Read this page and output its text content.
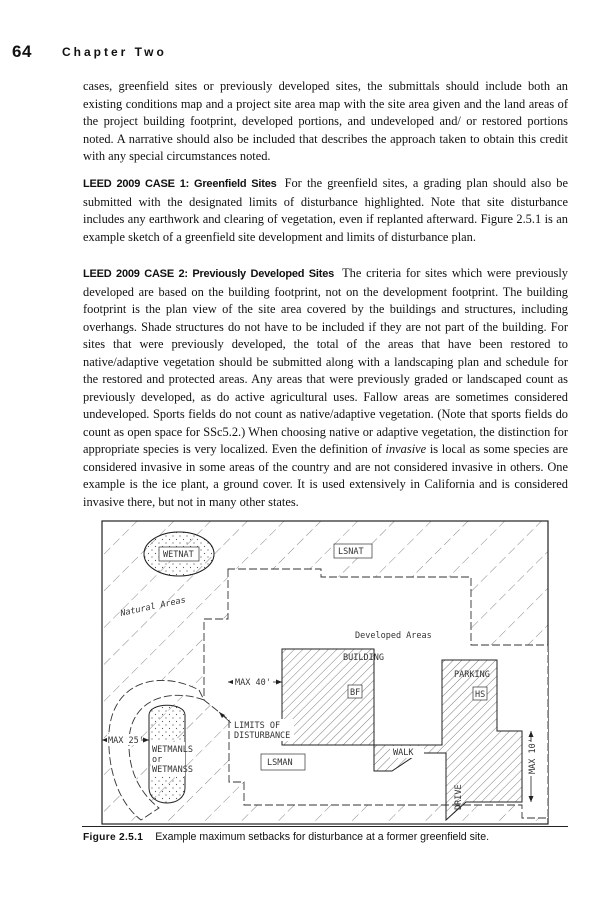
64	Chapter Two

cases, greenfield sites or previously developed sites, the submittals should include both an existing conditions map and a project site area map with the site area given and the land areas of the project building footprint, developed portions, and undeveloped and/ or restored portions noted. A narrative should also be included that describes the approach taken to obtain this credit with any special circumstances noted.

LEED 2009 CASE 1: Greenfield Sites For the greenfield sites, a grading plan should also be submitted with the designated limits of disturbance highlighted. Note that site disturbance includes any earthwork and clearing of vegetation, even if replanted afterward. Figure 2.5.1 is an example sketch of a greenfield site development and limits of disturbance plan.

LEED 2009 CASE 2: Previously Developed Sites The criteria for sites which were previously developed are based on the building footprint, not on the development footprint. The building footprint is the plan view of the site area covered by the buildings and structures, including overhangs. Shade structures do not have to be included if they are not part of the building. For sites that were previously developed, the total of the areas that have been restored to native/adaptive vegetation should be submitted along with a landscaping plan and schedule for the restored and protected areas. Any areas that were previously graded or landscaped count as previously developed, as do active agricultural uses. Fallow areas are sometimes considered undeveloped. Sports fields do not count as native/adaptive vegetation. (Note that sports fields do count as open space for SSc5.2.) When choosing native or adaptive vegetation, the distinction for appropriate species is very localized. Even the definition of invasive is local as some species are considered invasive in some areas of the country and are not considered invasive in others. One example is the ice plant, a ground cover. It is used extensively in California and is considered invasive there, but not in many other states.

WETNAT	LSNAT
Natural Areas
Developed Areas
BUILDING
BF
PARKING
HS
WALK
DRIVE
MAX 40'
LIMITS OF
DISTURBANCE
WETMANLS
or
WETMANSS
MAX 25'
LSMAN	MAX 10'
Figure 2.5.1 Example maximum setbacks for disturbance at a former greenfield site.
